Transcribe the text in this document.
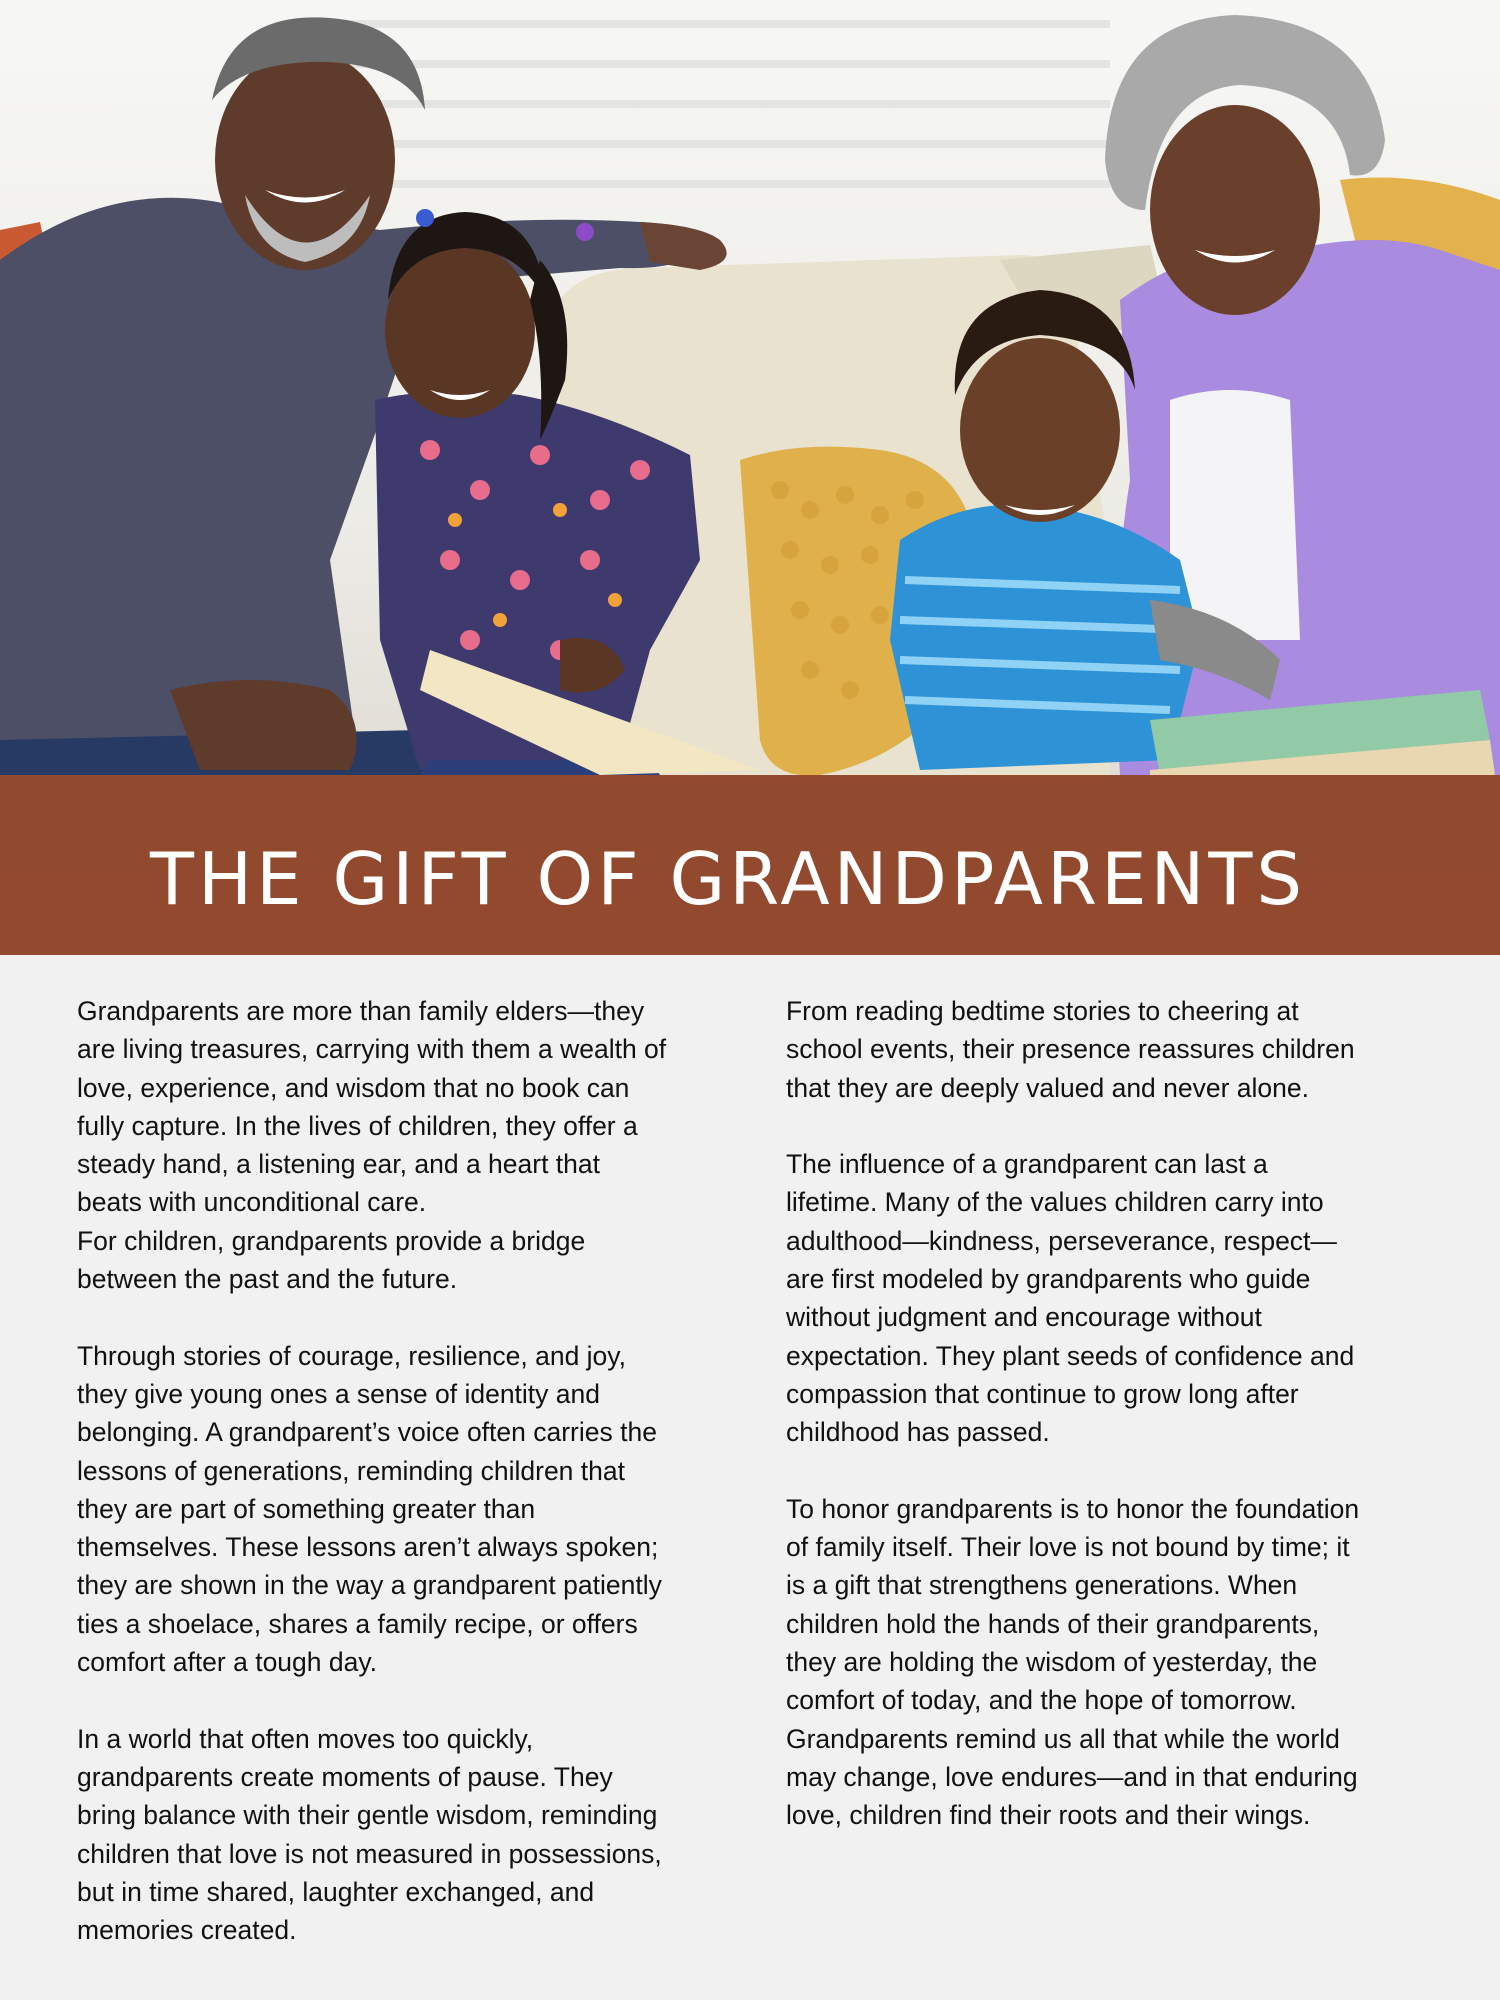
THE GIFT OF GRANDPARENTS

Grandparents are more than family elders—they
are living treasures, carrying with them a wealth of
love, experience, and wisdom that no book can
fully capture. In the lives of children, they offer a
steady hand, a listening ear, and a heart that
beats with unconditional care.
For children, grandparents provide a bridge
between the past and the future.

Through stories of courage, resilience, and joy,
they give young ones a sense of identity and
belonging. A grandparent’s voice often carries the
lessons of generations, reminding children that
they are part of something greater than
themselves. These lessons aren’t always spoken;
they are shown in the way a grandparent patiently
ties a shoelace, shares a family recipe, or offers
comfort after a tough day.

In a world that often moves too quickly,
grandparents create moments of pause. They
bring balance with their gentle wisdom, reminding
children that love is not measured in possessions,
but in time shared, laughter exchanged, and
memories created.

From reading bedtime stories to cheering at
school events, their presence reassures children
that they are deeply valued and never alone.

The influence of a grandparent can last a
lifetime. Many of the values children carry into
adulthood—kindness, perseverance, respect—
are first modeled by grandparents who guide
without judgment and encourage without
expectation. They plant seeds of confidence and
compassion that continue to grow long after
childhood has passed.

To honor grandparents is to honor the foundation
of family itself. Their love is not bound by time; it
is a gift that strengthens generations. When
children hold the hands of their grandparents,
they are holding the wisdom of yesterday, the
comfort of today, and the hope of tomorrow.
Grandparents remind us all that while the world
may change, love endures—and in that enduring
love, children find their roots and their wings.
